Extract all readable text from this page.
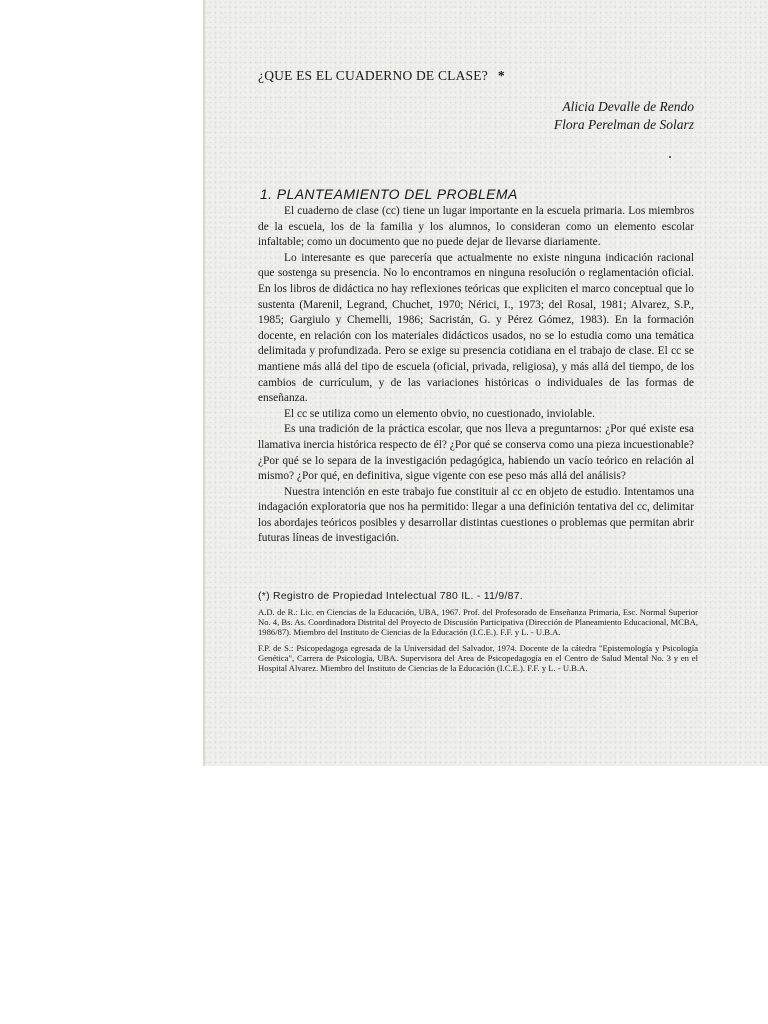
¿QUE ES EL CUADERNO DE CLASE? *
Alicia Devalle de Rendo
Flora Perelman de Solarz
1. PLANTEAMIENTO DEL PROBLEMA

El cuaderno de clase (cc) tiene un lugar importante en la escuela primaria. Los miembros de la escuela, los de la familia y los alumnos, lo consideran como un elemento escolar infaltable; como un documento que no puede dejar de llevarse diariamente.

Lo interesante es que parecería que actualmente no existe ninguna indicación racional que sostenga su presencia. No lo encontramos en ninguna resolución o reglamentación oficial. En los libros de didáctica no hay reflexiones teóricas que expliciten el marco conceptual que lo sustenta (Marenil, Legrand, Chuchet, 1970; Nérici, I., 1973; del Rosal, 1981; Alvarez, S.P., 1985; Gargiulo y Chemelli, 1986; Sacristán, G. y Pérez Gómez, 1983). En la formación docente, en relación con los materiales didácticos usados, no se lo estudia como una temática delimitada y profundizada. Pero se exige su presencia cotidiana en el trabajo de clase. El cc se mantiene más allá del tipo de escuela (oficial, privada, religiosa), y más allá del tiempo, de los cambios de currículum, y de las variaciones históricas o individuales de las formas de enseñanza.

El cc se utiliza como un elemento obvio, no cuestionado, inviolable.

Es una tradición de la práctica escolar, que nos lleva a preguntarnos: ¿Por qué existe esa llamativa inercia histórica respecto de él? ¿Por qué se conserva como una pieza incuestionable? ¿Por qué se lo separa de la investigación pedagógica, habiendo un vacío teórico en relación al mismo? ¿Por qué, en definitiva, sigue vigente con ese peso más allá del análisis?

Nuestra intención en este trabajo fue constituir al cc en objeto de estudio. Intentamos una indagación exploratoria que nos ha permitido: llegar a una definición tentativa del cc, delimitar los abordajes teóricos posibles y desarrollar distintas cuestiones o problemas que permitan abrir futuras líneas de investigación.

(*) Registro de Propiedad Intelectual 780 IL. - 11/9/87.
A.D. de R.: Lic. en Ciencias de la Educación, UBA, 1967. Prof. del Profesorado de Enseñanza Primaria, Esc. Normal Superior No. 4, Bs. As. Coordinadora Distrital del Proyecto de Discusión Participativa (Dirección de Planeamiento Educacional, MCBA, 1986/87). Miembro del Instituto de Ciencias de la Educación (I.C.E.). F.F. y L. - U.B.A.
F.P. de S.: Psicopedagoga egresada de la Universidad del Salvador, 1974. Docente de la cátedra "Epistemología y Psicología Genética", Carrera de Psicología, UBA. Supervisora del Area de Psicopedagogía en el Centro de Salud Mental No. 3 y en el Hospital Alvarez. Miembro del Instituto de Ciencias de la Educación (I.C.E.). F.F. y L. - U.B.A.
